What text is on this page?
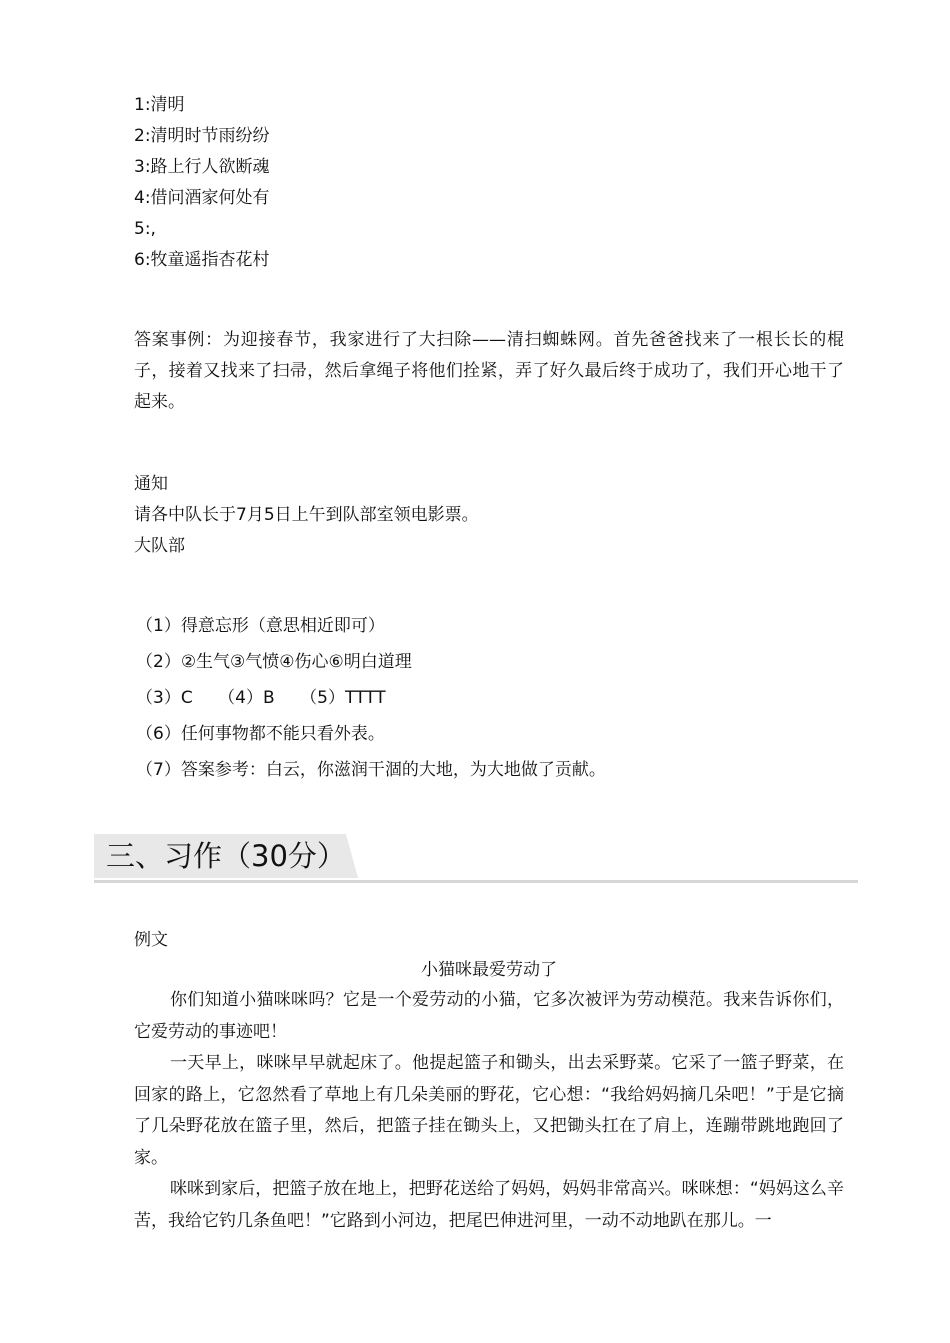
1:清明
2:清明时节雨纷纷
3:路上行人欲断魂
4:借问酒家何处有
5:,
6:牧童遥指杏花村
答案事例：为迎接春节，我家进行了大扫除——清扫蜘蛛网。首先爸爸找来了一根长长的棍子，接着又找来了扫帚，然后拿绳子将他们拴紧，弄了好久最后终于成功了，我们开心地干了起来。
通知
请各中队长于7月5日上午到队部室领电影票。
大队部
（1）得意忘形（意思相近即可）
（2）②生气③气愤④伤心⑥明白道理
（3）C　　（4）B　　（5）TTTT
（6）任何事物都不能只看外表。
（7）答案参考：白云，你滋润干涸的大地，为大地做了贡献。
三、习作（30分）
例文
小猫咪最爱劳动了

你们知道小猫咪咪吗？它是一个爱劳动的小猫，它多次被评为劳动模范。我来告诉你们，它爱劳动的事迹吧！

一天早上，咪咪早早就起床了。他提起篮子和锄头，出去采野菜。它采了一篮子野菜，在回家的路上，它忽然看了草地上有几朵美丽的野花，它心想：“我给妈妈摘几朵吧！”于是它摘了几朵野花放在篮子里，然后，把篮子挂在锄头上，又把锄头扛在了肩上，连蹦带跳地跑回了家。

咪咪到家后，把篮子放在地上，把野花送给了妈妈，妈妈非常高兴。咪咪想：“妈妈这么辛苦，我给它钓几条鱼吧！”它路到小河边，把尾巴伸进河里，一动不动地趴在那儿。一
